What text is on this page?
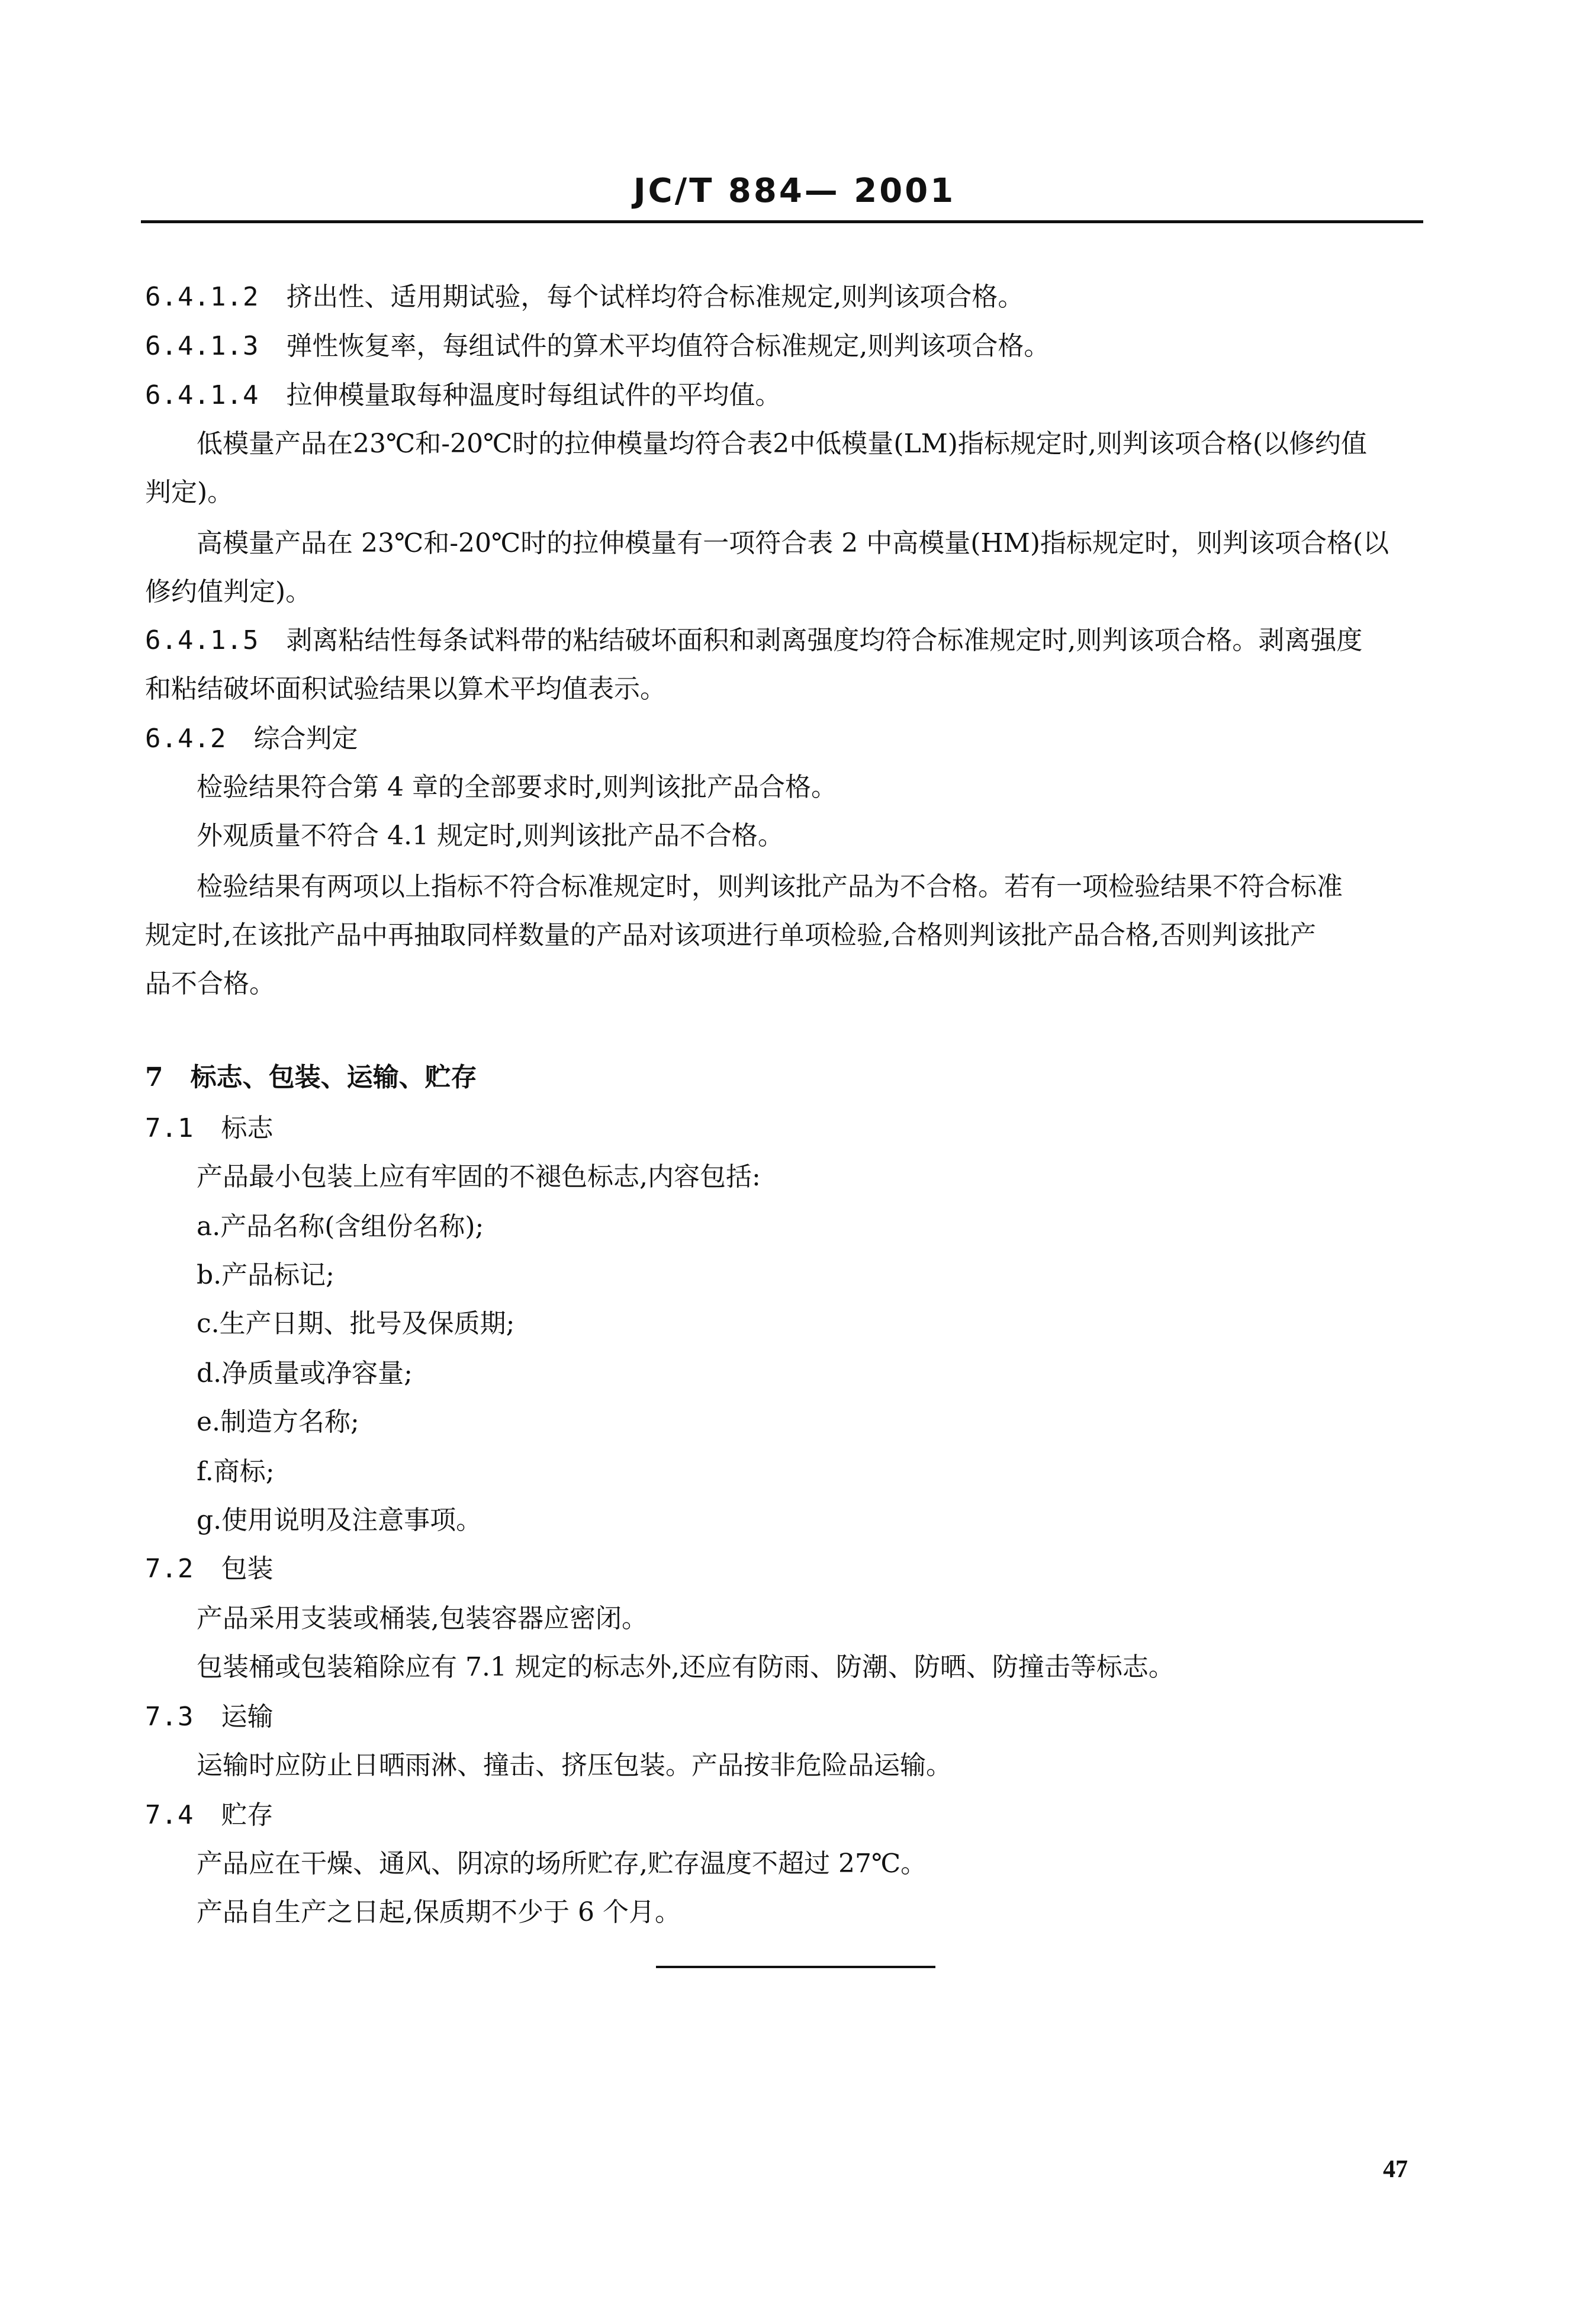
JC/T 884— 2001
6.4.1.2 挤出性、适用期试验，每个试样均符合标准规定,则判该项合格。
6.4.1.3 弹性恢复率，每组试件的算术平均值符合标准规定,则判该项合格。
6.4.1.4 拉伸模量取每种温度时每组试件的平均值。
低模量产品在23℃和-20℃时的拉伸模量均符合表2中低模量(LM)指标规定时,则判该项合格(以修约值
判定)。
高模量产品在 23℃和-20℃时的拉伸模量有一项符合表 2 中高模量(HM)指标规定时，则判该项合格(以
修约值判定)。
6.4.1.5 剥离粘结性每条试料带的粘结破坏面积和剥离强度均符合标准规定时,则判该项合格。剥离强度
和粘结破坏面积试验结果以算术平均值表示。
6.4.2 综合判定
检验结果符合第 4 章的全部要求时,则判该批产品合格。
外观质量不符合 4.1 规定时,则判该批产品不合格。
检验结果有两项以上指标不符合标准规定时，则判该批产品为不合格。若有一项检验结果不符合标准
规定时,在该批产品中再抽取同样数量的产品对该项进行单项检验,合格则判该批产品合格,否则判该批产
品不合格。
7 标志、包装、运输、贮存
7.1 标志
产品最小包装上应有牢固的不褪色标志,内容包括:
a.产品名称(含组份名称);
b.产品标记;
c.生产日期、批号及保质期;
d.净质量或净容量;
e.制造方名称;
f.商标;
g.使用说明及注意事项。
7.2 包装
产品采用支装或桶装,包装容器应密闭。
包装桶或包装箱除应有 7.1 规定的标志外,还应有防雨、防潮、防晒、防撞击等标志。
7.3 运输
运输时应防止日晒雨淋、撞击、挤压包装。产品按非危险品运输。
7.4 贮存
产品应在干燥、通风、阴凉的场所贮存,贮存温度不超过 27℃。
产品自生产之日起,保质期不少于 6 个月。
47
